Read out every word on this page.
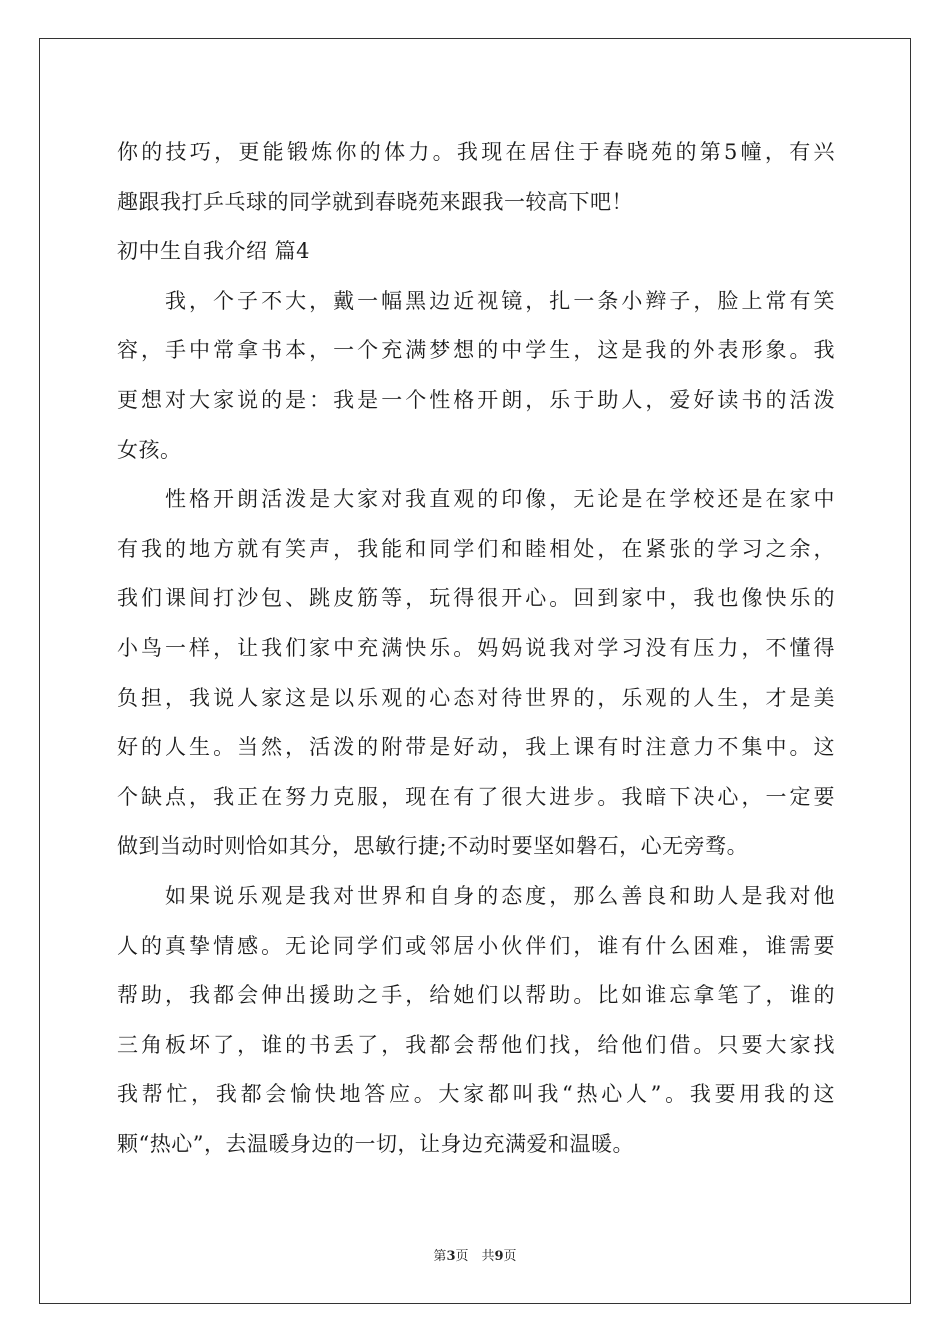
你的技巧，更能锻炼你的体力。我现在居住于春晓苑的第5幢，有兴
趣跟我打乒乓球的同学就到春晓苑来跟我一较高下吧！
初中生自我介绍 篇4
我，个子不大，戴一幅黑边近视镜，扎一条小辫子，脸上常有笑
容，手中常拿书本，一个充满梦想的中学生，这是我的外表形象。我
更想对大家说的是：我是一个性格开朗，乐于助人，爱好读书的活泼
女孩。
性格开朗活泼是大家对我直观的印像，无论是在学校还是在家中
有我的地方就有笑声，我能和同学们和睦相处，在紧张的学习之余，
我们课间打沙包、跳皮筋等，玩得很开心。回到家中，我也像快乐的
小鸟一样，让我们家中充满快乐。妈妈说我对学习没有压力，不懂得
负担，我说人家这是以乐观的心态对待世界的，乐观的人生，才是美
好的人生。当然，活泼的附带是好动，我上课有时注意力不集中。这
个缺点，我正在努力克服，现在有了很大进步。我暗下决心，一定要
做到当动时则恰如其分，思敏行捷;不动时要坚如磐石，心无旁骛。
如果说乐观是我对世界和自身的态度，那么善良和助人是我对他
人的真挚情感。无论同学们或邻居小伙伴们，谁有什么困难，谁需要
帮助，我都会伸出援助之手，给她们以帮助。比如谁忘拿笔了，谁的
三角板坏了，谁的书丢了，我都会帮他们找，给他们借。只要大家找
我帮忙，我都会愉快地答应。大家都叫我“热心人”。我要用我的这
颗“热心”，去温暖身边的一切，让身边充满爱和温暖。
第3页　共9页
